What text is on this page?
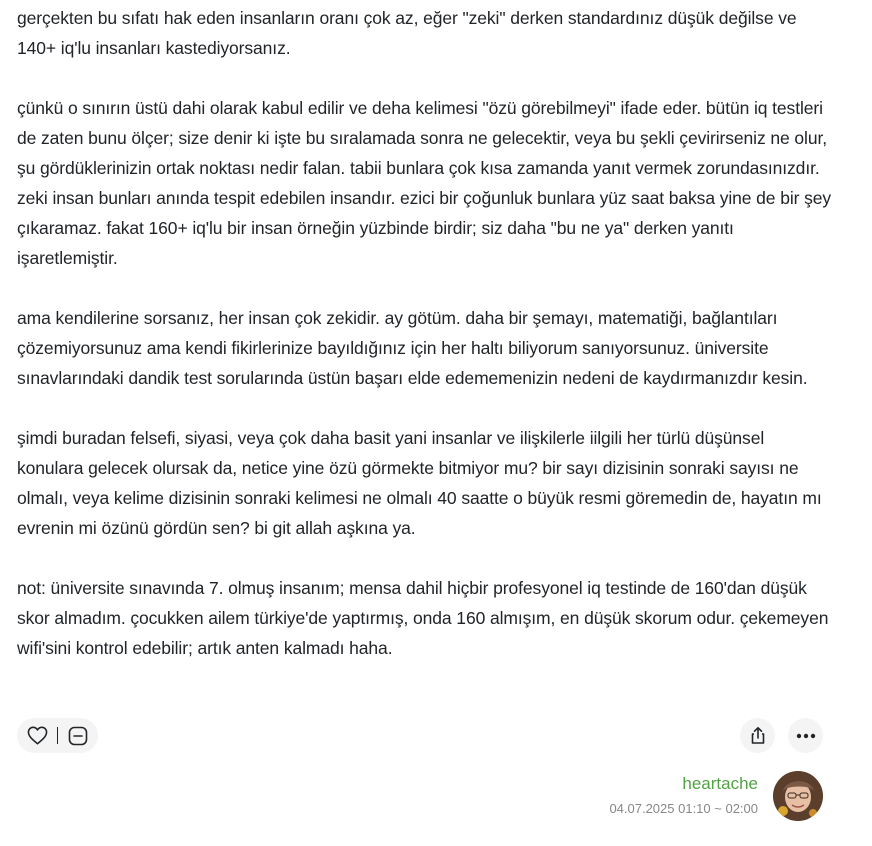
gerçekten bu sıfatı hak eden insanların oranı çok az, eğer "zeki" derken standardınız düşük değilse ve 140+ iq'lu insanları kastediyorsanız.

çünkü o sınırın üstü dahi olarak kabul edilir ve deha kelimesi "özü görebilmeyi" ifade eder. bütün iq testleri de zaten bunu ölçer; size denir ki işte bu sıralamada sonra ne gelecektir, veya bu şekli çevirirseniz ne olur, şu gördüklerinizin ortak noktası nedir falan. tabii bunlara çok kısa zamanda yanıt vermek zorundasınızdır. zeki insan bunları anında tespit edebilen insandır. ezici bir çoğunluk bunlara yüz saat baksa yine de bir şey çıkaramaz. fakat 160+ iq'lu bir insan örneğin yüzbinde birdir; siz daha "bu ne ya" derken yanıtı işaretlemiştir.

ama kendilerine sorsanız, her insan çok zekidir. ay götüm. daha bir şemayı, matematiği, bağlantıları çözemiyorsunuz ama kendi fikirlerinize bayıldığınız için her haltı biliyorum sanıyorsunuz. üniversite sınavlarındaki dandik test sorularında üstün başarı elde edememenizin nedeni de kaydırmanızdır kesin.

şimdi buradan felsefi, siyasi, veya çok daha basit yani insanlar ve ilişkilerle iilgili her türlü düşünsel konulara gelecek olursak da, netice yine özü görmekte bitmiyor mu? bir sayı dizisinin sonraki sayısı ne olmalı, veya kelime dizisinin sonraki kelimesi ne olmalı 40 saatte o büyük resmi göremedin de, hayatın mı evrenin mi özünü gördün sen? bi git allah aşkına ya.

not: üniversite sınavında 7. olmuş insanım; mensa dahil hiçbir profesyonel iq testinde de 160'dan düşük skor almadım. çocukken ailem türkiye'de yaptırmış, onda 160 almışım, en düşük skorum odur. çekemeyen wifi'sini kontrol edebilir; artık anten kalmadı haha.

heartache
04.07.2025 01:10 ~ 02:00
